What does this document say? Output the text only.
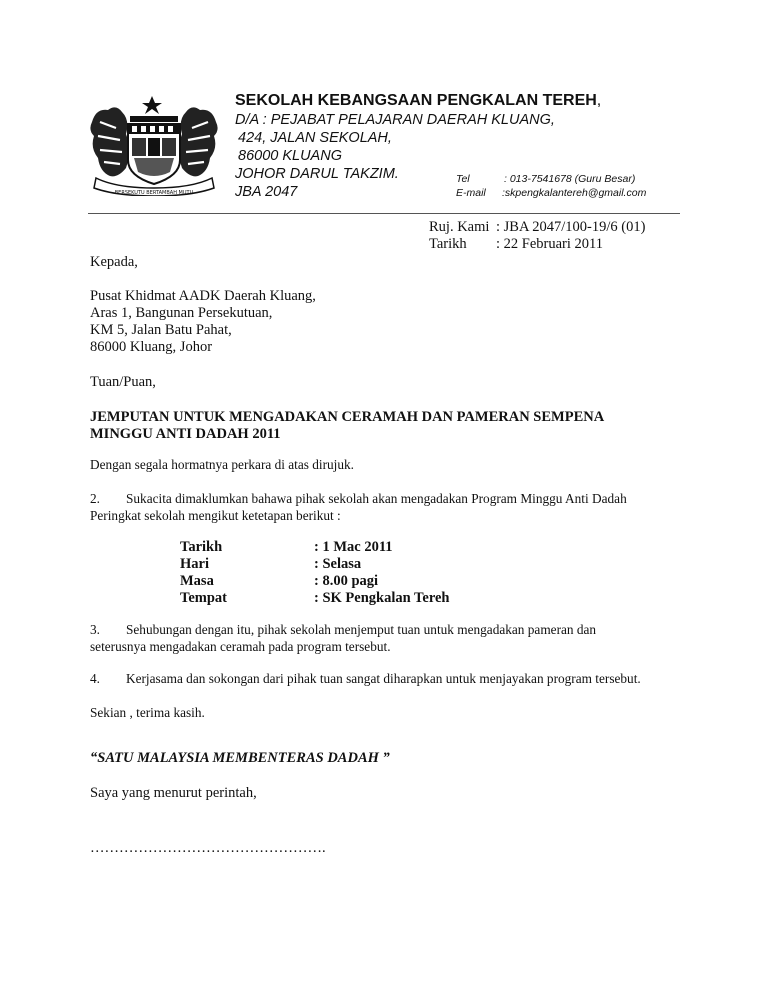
BERSEKUTU BERTAMBAH MUTU
SEKOLAH KEBANGSAAN PENGKALAN TEREH,
D/A : PEJABAT PELAJARAN DAERAH KLUANG,
424, JALAN SEKOLAH,
86000 KLUANG
JOHOR DARUL TAKZIM.
JBA 2047
Tel	: 013-7541678 (Guru Besar)
E-mail :skpengkalantereh@gmail.com
Ruj. Kami : JBA 2047/100-19/6 (01)
Tarikh : 22 Februari 2011
Kepada,
Pusat Khidmat AADK Daerah Kluang,
Aras 1, Bangunan Persekutuan,
KM 5, Jalan Batu Pahat,
86000 Kluang, Johor
Tuan/Puan,
JEMPUTAN UNTUK MENGADAKAN CERAMAH DAN PAMERAN SEMPENA
MINGGU ANTI DADAH 2011
Dengan segala hormatnya perkara di atas dirujuk.
2. Sukacita dimaklumkan bahawa pihak sekolah akan mengadakan Program Minggu Anti Dadah
Peringkat sekolah mengikut ketetapan berikut :
Tarikh	: 1 Mac 2011
Hari	: Selasa
Masa	: 8.00 pagi
Tempat	: SK Pengkalan Tereh
3. Sehubungan dengan itu, pihak sekolah menjemput tuan untuk mengadakan pameran dan
seterusnya mengadakan ceramah pada program tersebut.
4. Kerjasama dan sokongan dari pihak tuan sangat diharapkan untuk menjayakan program tersebut.
Sekian , terima kasih.
“SATU MALAYSIA MEMBENTERAS DADAH ”
Saya yang menurut perintah,
………………………………………….
